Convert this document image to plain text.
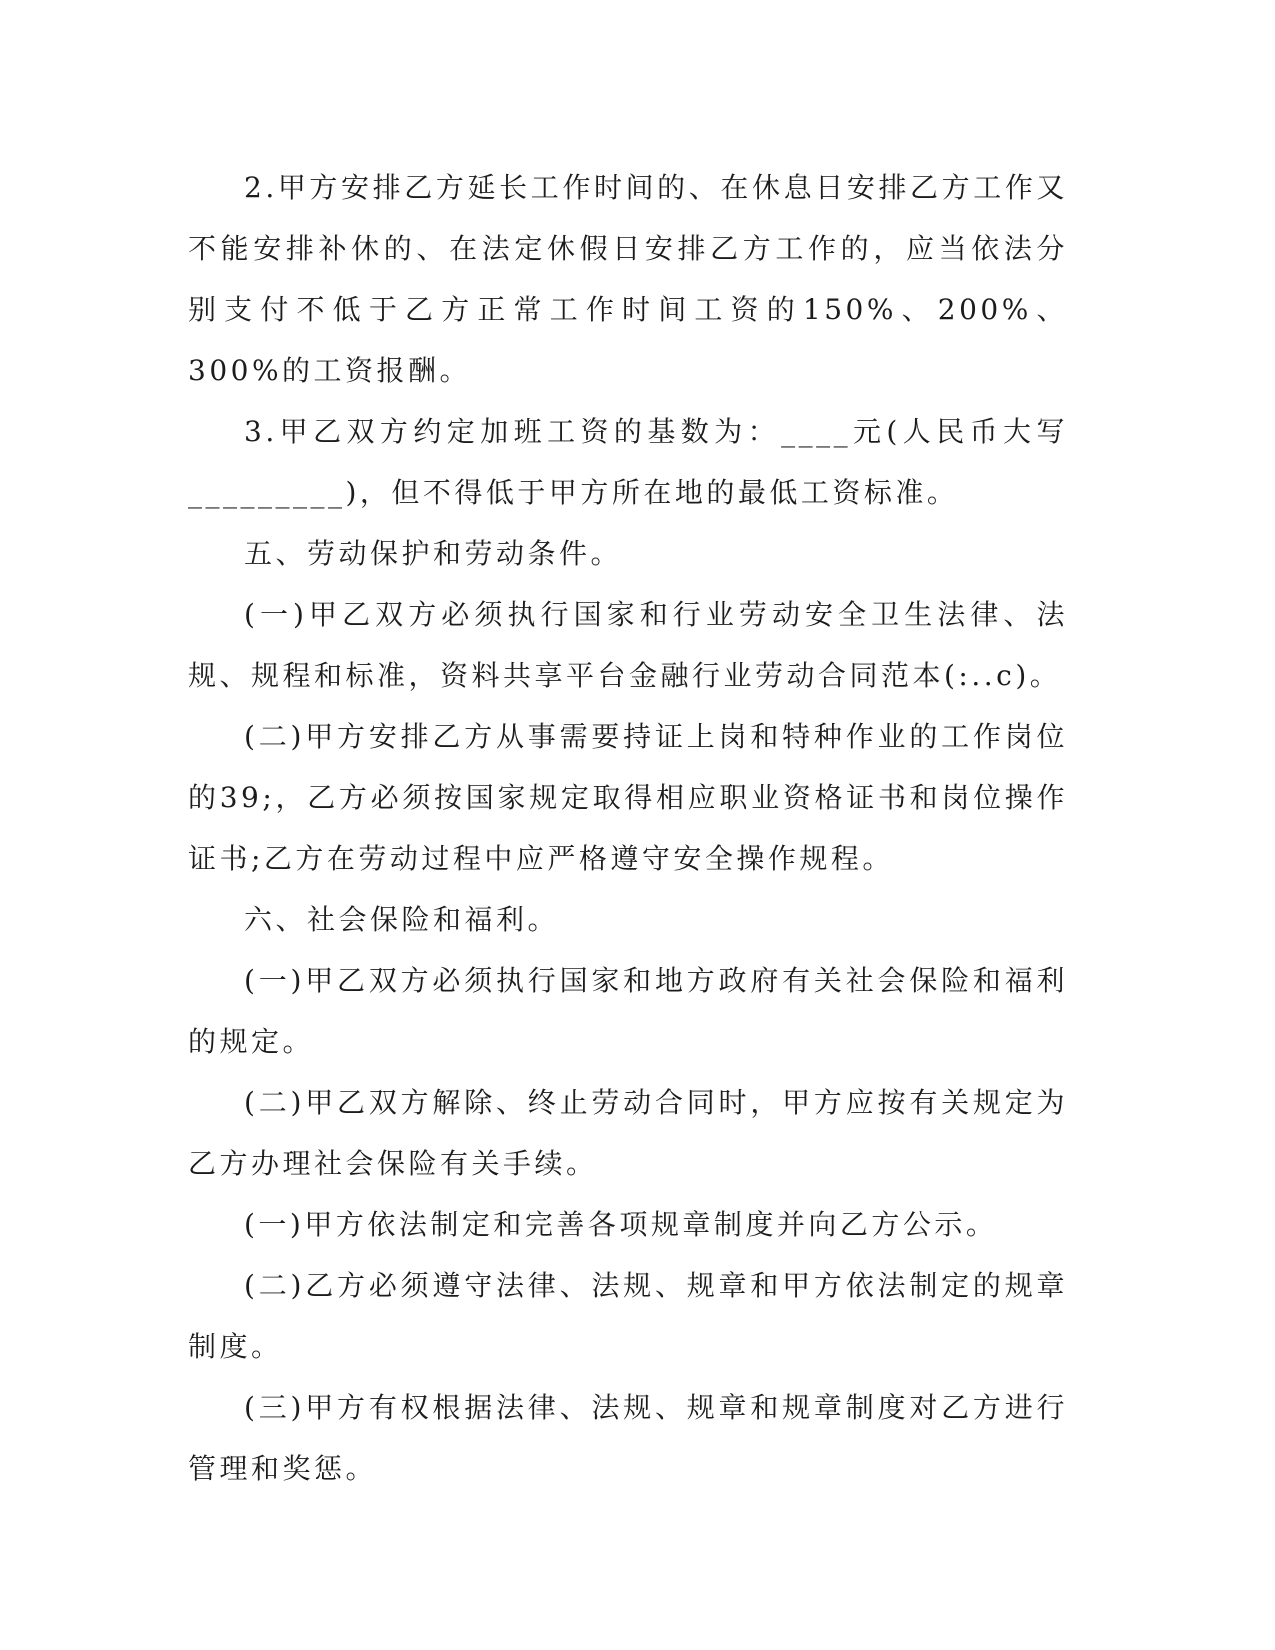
2.甲方安排乙方延长工作时间的、在休息日安排乙方工作又不能安排补休的、在法定休假日安排乙方工作的，应当依法分别支付不低于乙方正常工作时间工资的150%、200%、300%的工资报酬。

3.甲乙双方约定加班工资的基数为：____元(人民币大写_________)，但不得低于甲方所在地的最低工资标准。

五、劳动保护和劳动条件。

(一)甲乙双方必须执行国家和行业劳动安全卫生法律、法规、规程和标准，资料共享平台金融行业劳动合同范本(:..c)。

(二)甲方安排乙方从事需要持证上岗和特种作业的工作岗位的39;，乙方必须按国家规定取得相应职业资格证书和岗位操作证书;乙方在劳动过程中应严格遵守安全操作规程。

六、社会保险和福利。

(一)甲乙双方必须执行国家和地方政府有关社会保险和福利的规定。

(二)甲乙双方解除、终止劳动合同时，甲方应按有关规定为乙方办理社会保险有关手续。

(一)甲方依法制定和完善各项规章制度并向乙方公示。

(二)乙方必须遵守法律、法规、规章和甲方依法制定的规章制度。

(三)甲方有权根据法律、法规、规章和规章制度对乙方进行管理和奖惩。
